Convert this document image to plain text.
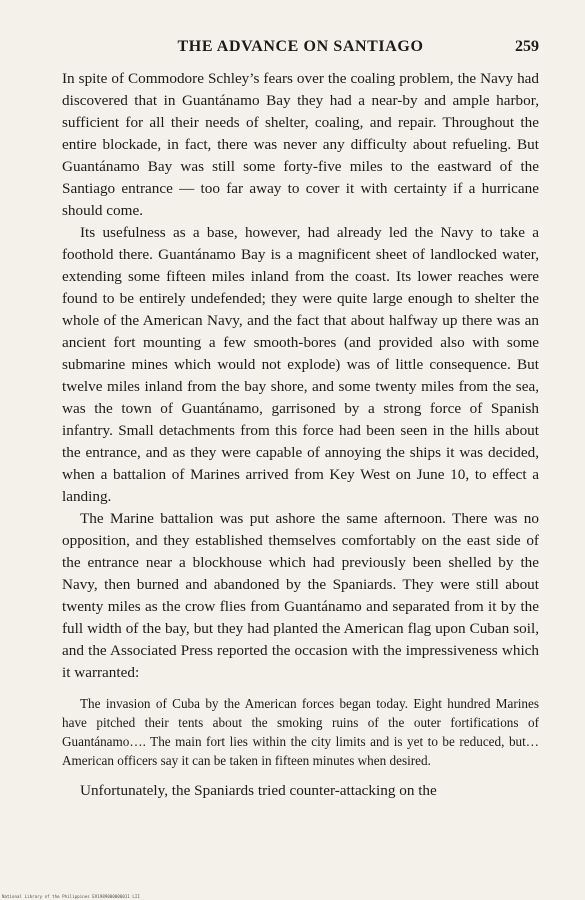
THE ADVANCE ON SANTIAGO	259

In spite of Commodore Schley’s fears over the coaling problem, the Navy had discovered that in Guantánamo Bay they had a near-by and ample harbor, sufficient for all their needs of shelter, coaling, and repair. Throughout the entire blockade, in fact, there was never any difficulty about refueling. But Guantánamo Bay was still some forty-five miles to the eastward of the Santiago entrance — too far away to cover it with certainty if a hurricane should come.

Its usefulness as a base, however, had already led the Navy to take a foothold there. Guantánamo Bay is a magnificent sheet of landlocked water, extending some fifteen miles inland from the coast. Its lower reaches were found to be entirely undefended; they were quite large enough to shelter the whole of the American Navy, and the fact that about halfway up there was an ancient fort mounting a few smooth-bores (and provided also with some submarine mines which would not explode) was of little consequence. But twelve miles inland from the bay shore, and some twenty miles from the sea, was the town of Guantánamo, garrisoned by a strong force of Spanish infantry. Small detachments from this force had been seen in the hills about the entrance, and as they were capable of annoying the ships it was decided, when a battalion of Marines arrived from Key West on June 10, to effect a landing.

The Marine battalion was put ashore the same afternoon. There was no opposition, and they established themselves comfortably on the east side of the entrance near a blockhouse which had previously been shelled by the Navy, then burned and abandoned by the Spaniards. They were still about twenty miles as the crow flies from Guantánamo and separated from it by the full width of the bay, but they had planted the American flag upon Cuban soil, and the Associated Press reported the occasion with the impressiveness which it warranted:

The invasion of Cuba by the American forces began today. Eight hundred Marines have pitched their tents about the smoking ruins of the outer fortifications of Guantánamo…. The main fort lies within the city limits and is yet to be reduced, but… American officers say it can be taken in fifteen minutes when desired.

Unfortunately, the Spaniards tried counter-attacking on the

National Library of the Philippines EV1989000000011 LII
